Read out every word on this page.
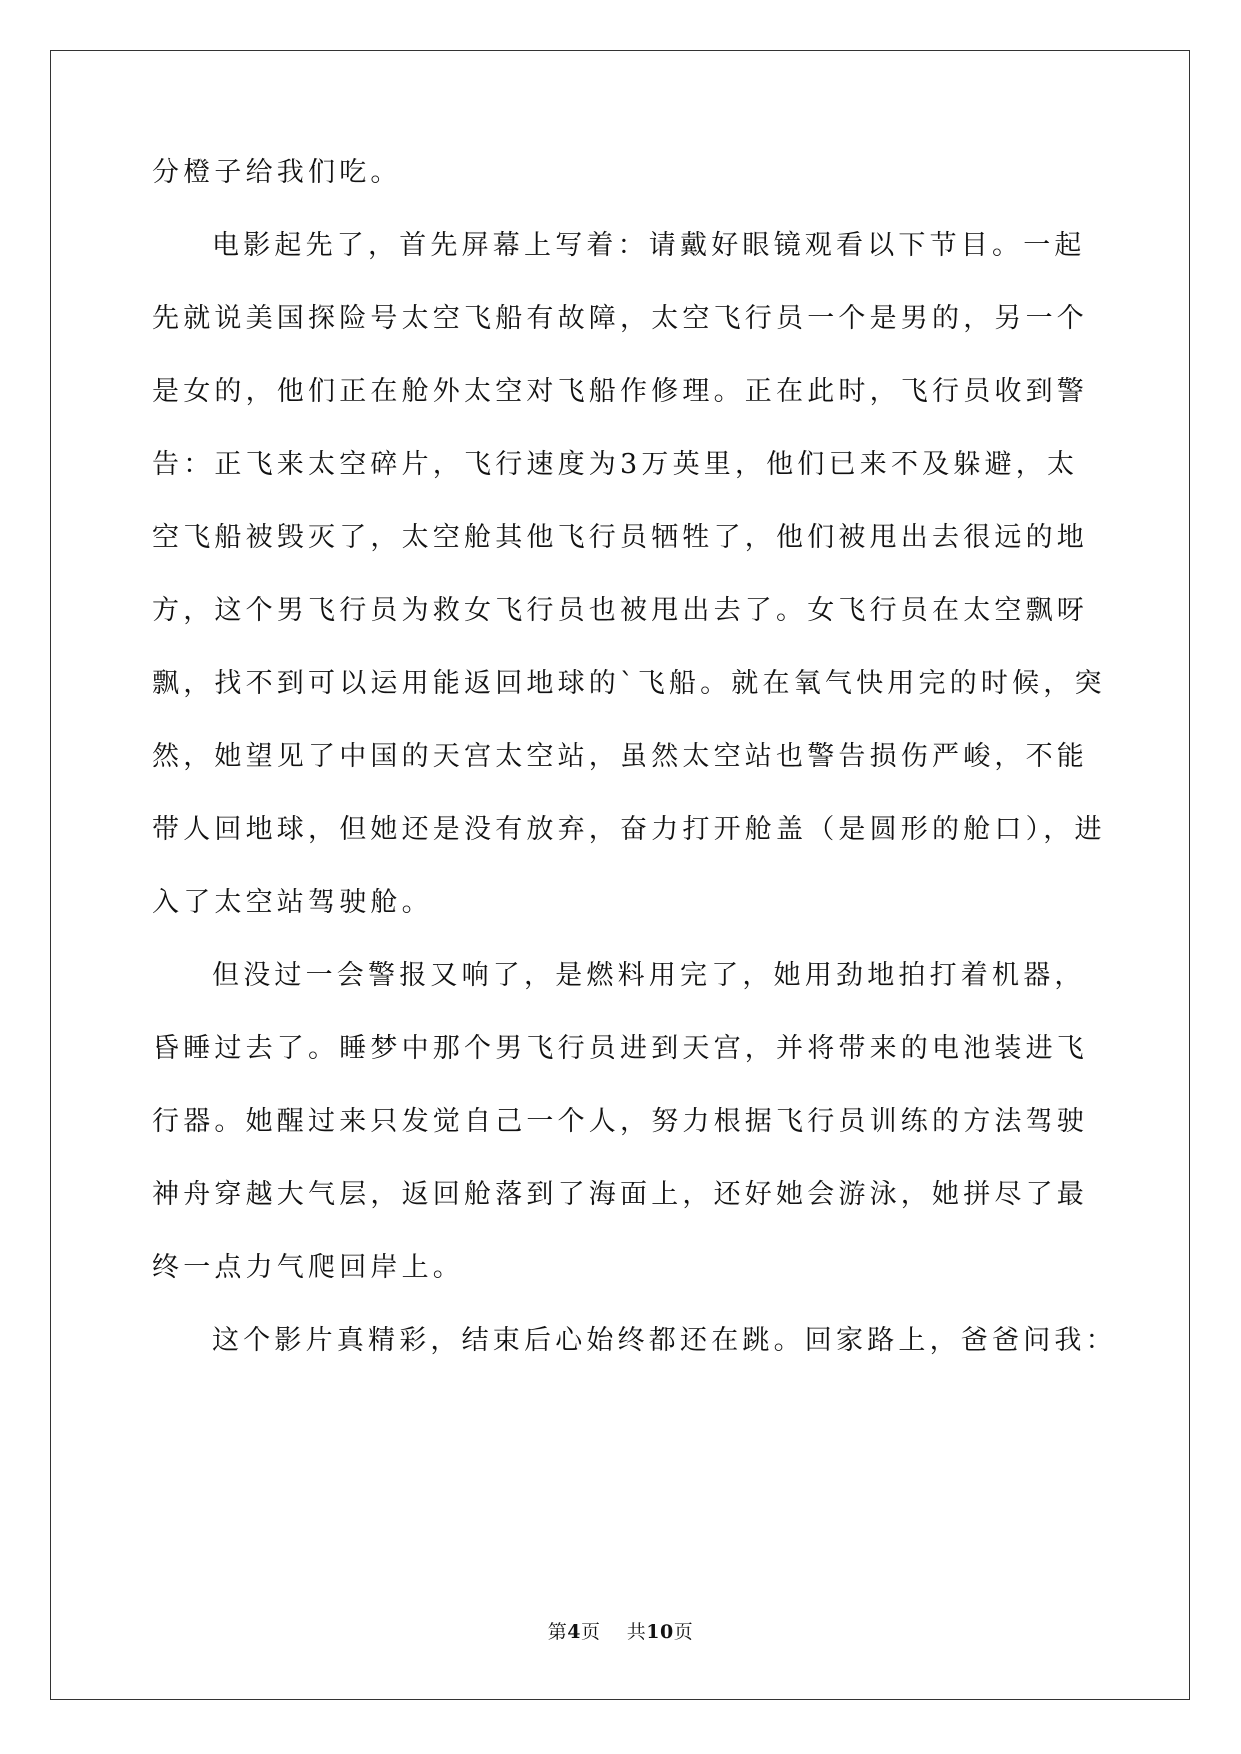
分橙子给我们吃。
电影起先了，首先屏幕上写着：请戴好眼镜观看以下节目。一起
先就说美国探险号太空飞船有故障，太空飞行员一个是男的，另一个
是女的，他们正在舱外太空对飞船作修理。正在此时，飞行员收到警
告：正飞来太空碎片，飞行速度为3万英里，他们已来不及躲避，太
空飞船被毁灭了，太空舱其他飞行员牺牲了，他们被甩出去很远的地
方，这个男飞行员为救女飞行员也被甩出去了。女飞行员在太空飘呀
飘，找不到可以运用能返回地球的`飞船。就在氧气快用完的时候，突
然，她望见了中国的天宫太空站，虽然太空站也警告损伤严峻，不能
带人回地球，但她还是没有放弃，奋力打开舱盖（是圆形的舱口），进
入了太空站驾驶舱。
但没过一会警报又响了，是燃料用完了，她用劲地拍打着机器，
昏睡过去了。睡梦中那个男飞行员进到天宫，并将带来的电池装进飞
行器。她醒过来只发觉自己一个人，努力根据飞行员训练的方法驾驶
神舟穿越大气层，返回舱落到了海面上，还好她会游泳，她拼尽了最
终一点力气爬回岸上。
这个影片真精彩，结束后心始终都还在跳。回家路上，爸爸问我：
第4页 共10页
